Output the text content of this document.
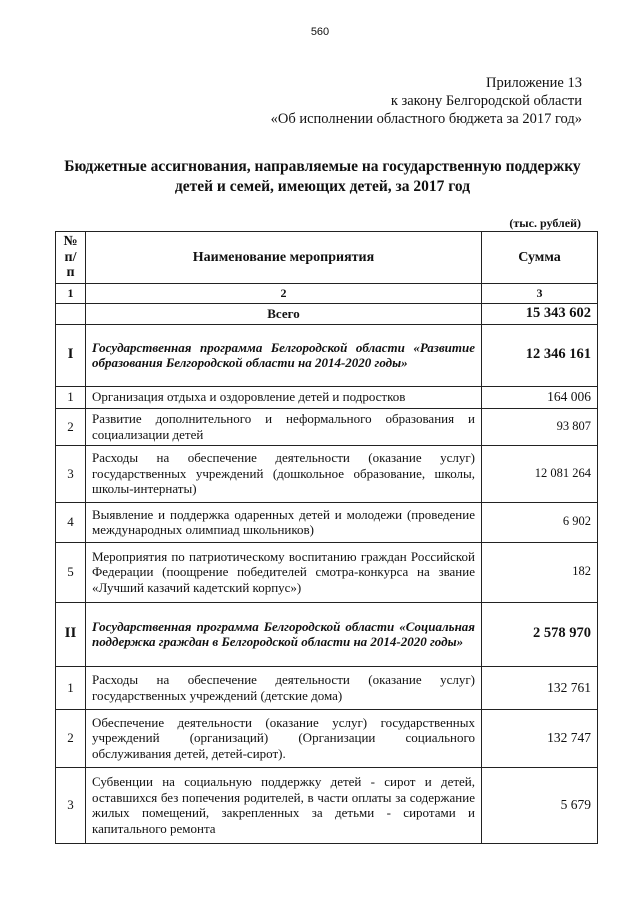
560
Приложение 13
к закону Белгородской области
«Об исполнении областного бюджета за 2017 год»
Бюджетные ассигнования, направляемые на государственную поддержку
детей и семей, имеющих детей, за 2017 год
(тыс. рублей)
№ п/п	Наименование мероприятия	Сумма
1	2	3
	Всего	15 343 602
I	Государственная программа Белгородской области «Развитие образования Белгородской области на 2014-2020 годы»	12 346 161
1	Организация отдыха и оздоровление детей и подростков	164 006
2	Развитие дополнительного и неформального образования и социализации детей	93 807
3	Расходы на обеспечение деятельности (оказание услуг) государственных учреждений (дошкольное образование, школы, школы-интернаты)	12 081 264
4	Выявление и поддержка одаренных детей и молодежи (проведение международных олимпиад школьников)	6 902
5	Мероприятия по патриотическому воспитанию граждан Российской Федерации (поощрение победителей смотра-конкурса на звание «Лучший казачий кадетский корпус»)	182
II	Государственная программа Белгородской области «Социальная поддержка граждан в Белгородской области на 2014-2020 годы»	2 578 970
1	Расходы на обеспечение деятельности (оказание услуг) государственных учреждений (детские дома)	132 761
2	Обеспечение деятельности (оказание услуг) государственных учреждений (организаций) (Организации социального обслуживания детей, детей-сирот).	132 747
3	Субвенции на социальную поддержку детей - сирот и детей, оставшихся без попечения родителей, в части оплаты за содержание жилых помещений, закрепленных за детьми - сиротами и капитального ремонта	5 679
